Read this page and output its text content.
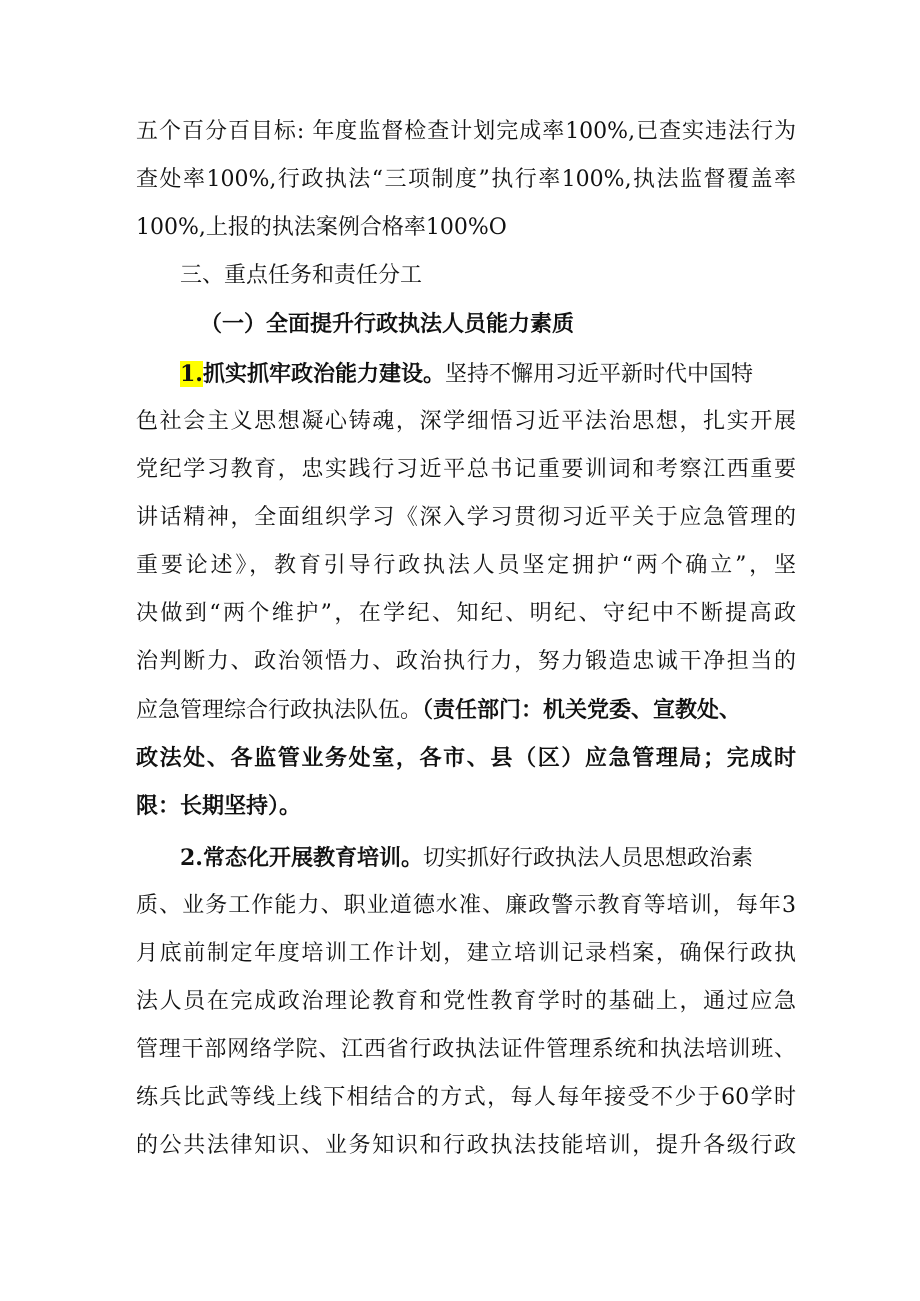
五个百分百目标: 年度监督检查计划完成率100%,已查实违法行为
查处率100%,行政执法“三项制度”执行率100%,执法监督覆盖率
100%,上报的执法案例合格率100%O
三、重点任务和责任分工
（一）全面提升行政执法人员能力素质
1.抓实抓牢政治能力建设。坚持不懈用习近平新时代中国特
色社会主义思想凝心铸魂，深学细悟习近平法治思想，扎实开展
党纪学习教育，忠实践行习近平总书记重要训词和考察江西重要
讲话精神，全面组织学习《深入学习贯彻习近平关于应急管理的
重要论述》，教育引导行政执法人员坚定拥护“两个确立”，坚
决做到“两个维护”，在学纪、知纪、明纪、守纪中不断提高政
治判断力、政治领悟力、政治执行力，努力锻造忠诚干净担当的
应急管理综合行政执法队伍。（责任部门：机关党委、宣教处、
政法处、各监管业务处室，各市、县（区）应急管理局；完成时
限：长期坚持）。
2.常态化开展教育培训。切实抓好行政执法人员思想政治素
质、业务工作能力、职业道德水准、廉政警示教育等培训，每年3
月底前制定年度培训工作计划，建立培训记录档案，确保行政执
法人员在完成政治理论教育和党性教育学时的基础上，通过应急
管理干部网络学院、江西省行政执法证件管理系统和执法培训班、
练兵比武等线上线下相结合的方式，每人每年接受不少于60学时
的公共法律知识、业务知识和行政执法技能培训，提升各级行政
